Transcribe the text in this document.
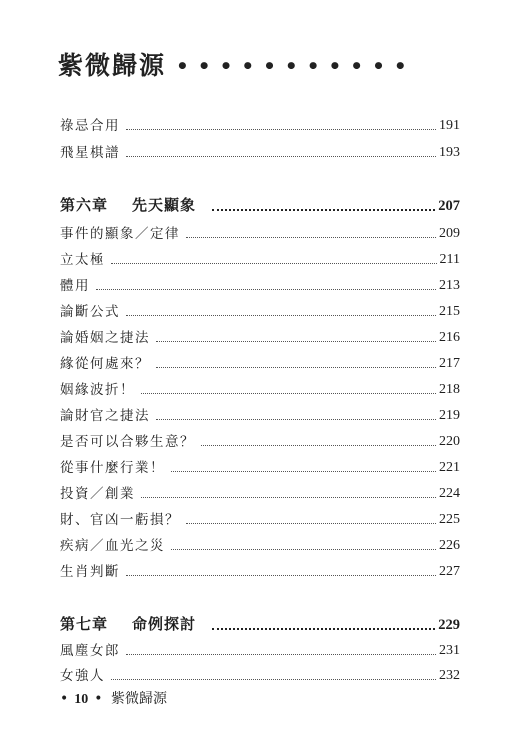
紫微歸源 •••••••••••
祿忌合用	191
飛星棋譜	193
第六章 先天顯象	207
事件的顯象／定律	209
立太極	211
體用	213
論斷公式	215
論婚姻之捷法	216
緣從何處來？	217
姻緣波折！	218
論財官之捷法	219
是否可以合夥生意？	220
從事什麼行業！	221
投資／創業	224
財、官凶一虧損？	225
疾病／血光之災	226
生肖判斷	227
第七章 命例探討	229
風塵女郎	231
女強人	232
• 10 • 紫微歸源
